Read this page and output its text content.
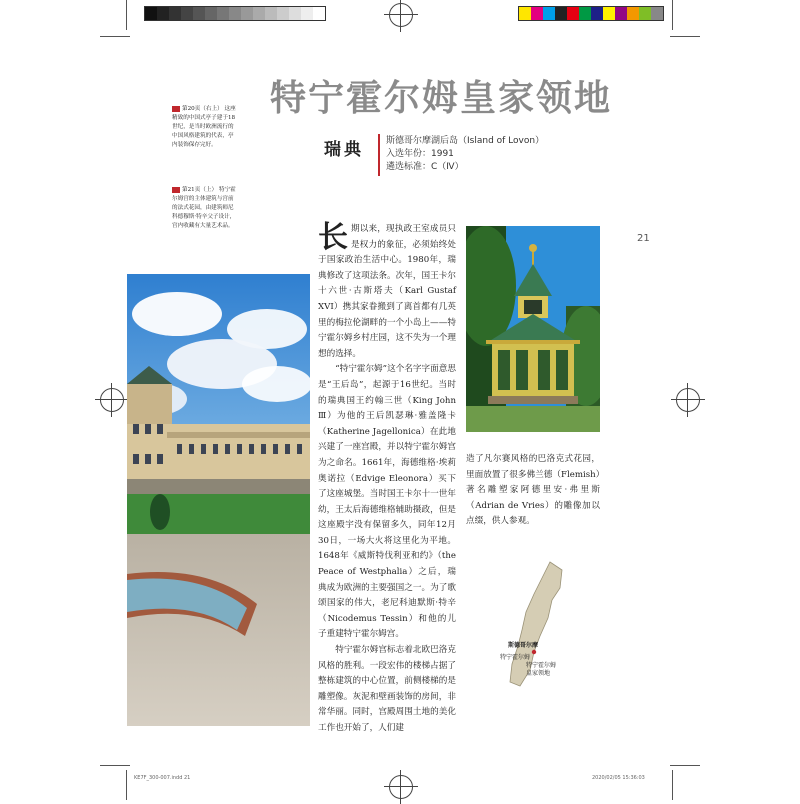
特宁霍尔姆皇家领地
第20页（右上） 这座精致的中国式亭子建于18世纪，是当时欧洲流行的中国风格建筑的代表，亭内装饰保存完好。
第21页（上） 特宁霍尔姆宫的主体建筑与宫前的法式花园，由建筑师尼科德穆斯·特辛父子设计，宫内收藏有大量艺术品。
瑞典 斯德哥尔摩湖后岛（Island of Lovon）
入选年份：1991
遴选标准：C（Ⅳ）
长 期以来，现执政王室成员只是权力的象征，必须始终处于国家政治生活中心。1980年，瑞典修改了这项法条。次年，国王卡尔十六世·古斯塔夫（Karl Gustaf XVI）携其家眷搬到了离首都有几英里的梅拉伦湖畔的一个小岛上——特宁霍尔姆乡村庄园，这不失为一个理想的选择。

“特宁霍尔姆”这个名字字面意思是“王后岛”，起源于16世纪。当时的瑞典国王约翰三世（King John Ⅲ）为他的王后凯瑟琳·雅盖隆卡（Katherine Jagellonica）在此地兴建了一座宫殿，并以特宁霍尔姆宫为之命名。1661年，海德维格·埃莉奥诺拉（Edvige Eleonora）买下了这座城堡。当时国王卡尔十一世年幼，王太后海德维格辅助摄政，但是这座殿宇没有保留多久，同年12月30日，一场大火将这里化为平地。1648年《威斯特伐利亚和约》（the Peace of Westphalia）之后，瑞典成为欧洲的主要强国之一。为了歌颂国家的伟大，老尼科迪默斯·特辛（Nicodemus Tessin）和他的儿子重建特宁霍尔姆宫。

特宁霍尔姆宫标志着北欧巴洛克风格的胜利。一段宏伟的楼梯占据了整栋建筑的中心位置，前侧楼梯的是雕塑像。灰泥和壁画装饰的房间，非常华丽。同时，宫殿周围土地的美化工作也开始了，人们建

21

造了凡尔赛风格的巴洛克式花园，里面放置了很多佛兰德（Flemish）著名雕塑家阿德里安·弗里斯（Adrian de Vries）的雕像加以点缀，供人参观。

斯德哥尔摩
特宁霍尔姆
特宁霍尔姆
皇家领地
KE7F_300-007.indd 21	2020/02/05 15:36:03
